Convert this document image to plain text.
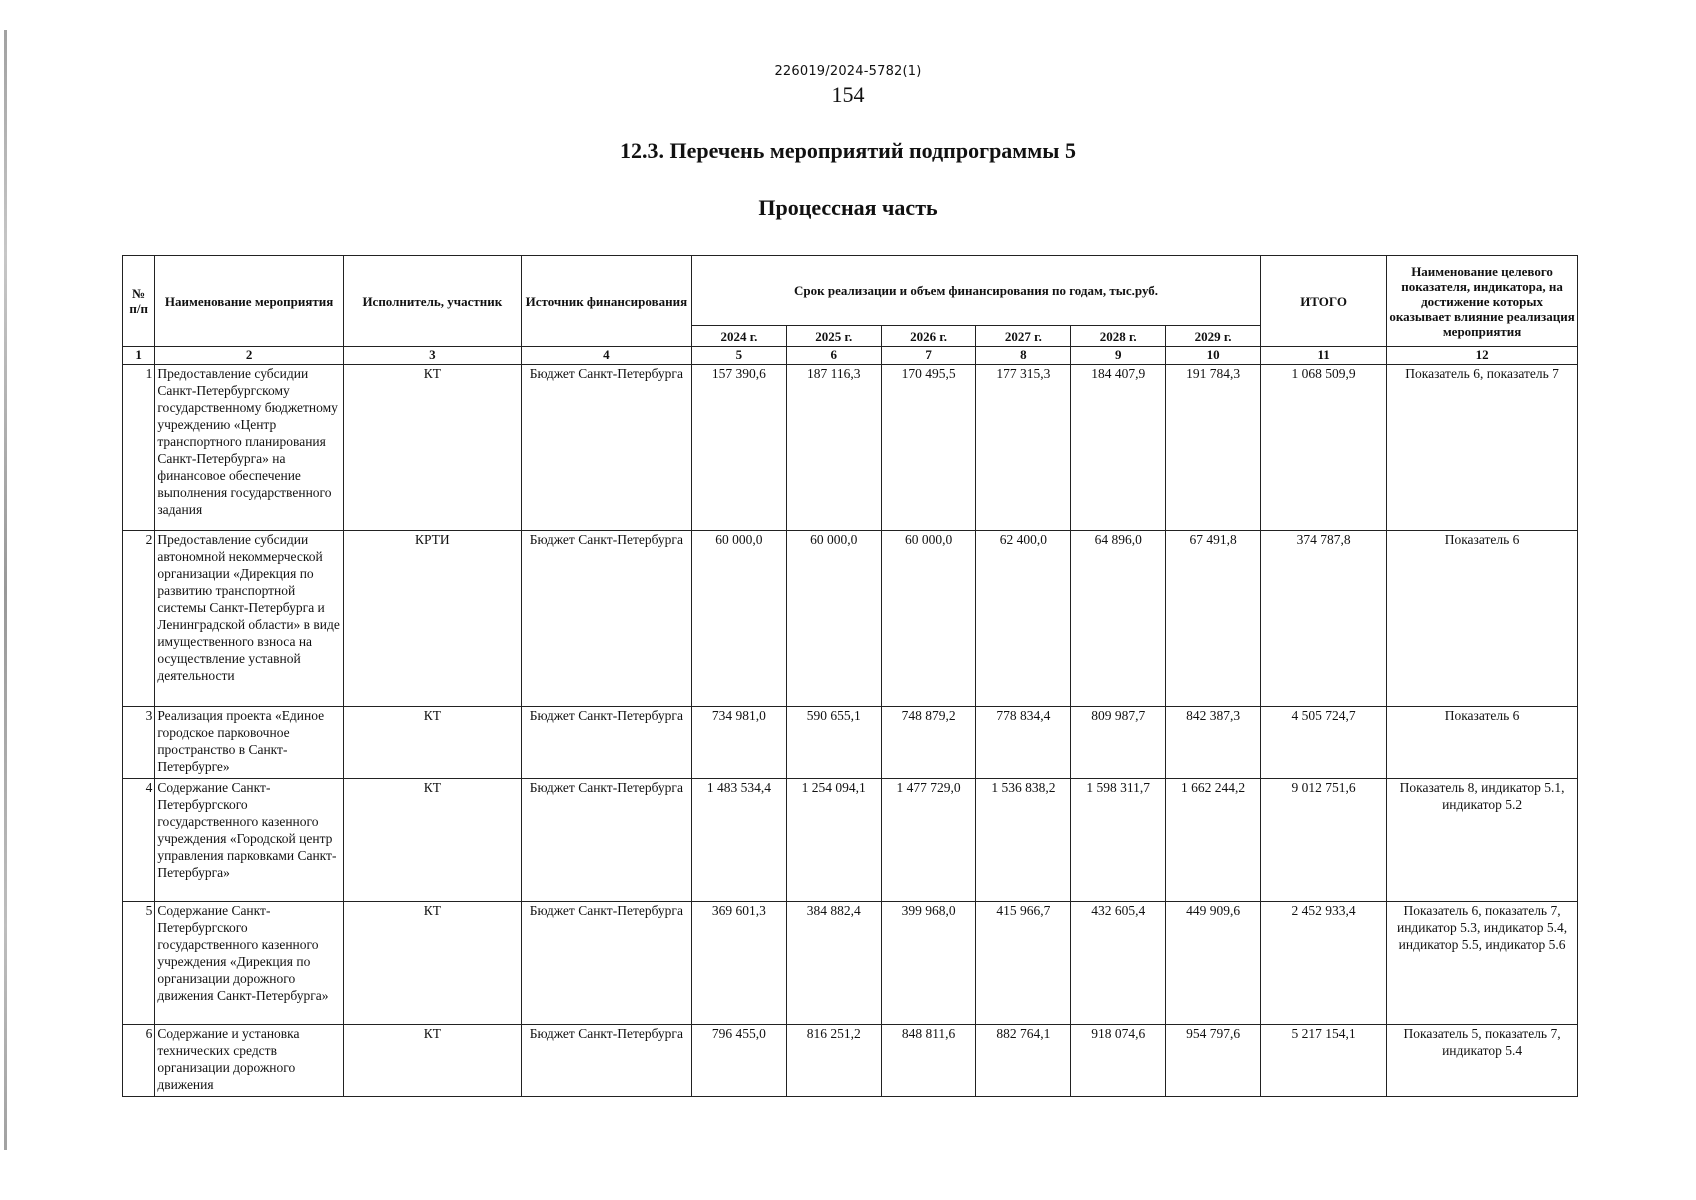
226019/2024-5782(1)
154
12.3. Перечень мероприятий подпрограммы 5
Процессная часть
№ п/п	Наименование мероприятия	Исполнитель, участник	Источник финансирования	Срок реализации и объем финансирования по годам, тыс.руб.						ИТОГО	Наименование целевого показателя, индикатора, на достижение которых оказывает влияние реализация мероприятия
				2024 г.	2025 г.	2026 г.	2027 г.	2028 г.	2029 г.		
1	2	3	4	5	6	7	8	9	10	11	12
1	Предоставление субсидии Санкт-Петербургскому государственному бюджетному учреждению «Центр транспортного планирования Санкт-Петербурга» на финансовое обеспечение выполнения государственного задания	КТ	Бюджет Санкт-Петербурга	157 390,6	187 116,3	170 495,5	177 315,3	184 407,9	191 784,3	1 068 509,9	Показатель 6, показатель 7
2	Предоставление субсидии автономной некоммерческой организации «Дирекция по развитию транспортной системы Санкт-Петербурга и Ленинградской области» в виде имущественного взноса на осуществление уставной деятельности	КРТИ	Бюджет Санкт-Петербурга	60 000,0	60 000,0	60 000,0	62 400,0	64 896,0	67 491,8	374 787,8	Показатель 6
3	Реализация проекта «Единое городское парковочное пространство в Санкт-Петербурге»	КТ	Бюджет Санкт-Петербурга	734 981,0	590 655,1	748 879,2	778 834,4	809 987,7	842 387,3	4 505 724,7	Показатель 6
4	Содержание Санкт-Петербургского государственного казенного учреждения «Городской центр управления парковками Санкт-Петербурга»	КТ	Бюджет Санкт-Петербурга	1 483 534,4	1 254 094,1	1 477 729,0	1 536 838,2	1 598 311,7	1 662 244,2	9 012 751,6	Показатель 8, индикатор 5.1, индикатор 5.2
5	Содержание Санкт-Петербургского государственного казенного учреждения «Дирекция по организации дорожного движения Санкт-Петербурга»	КТ	Бюджет Санкт-Петербурга	369 601,3	384 882,4	399 968,0	415 966,7	432 605,4	449 909,6	2 452 933,4	Показатель 6, показатель 7, индикатор 5.3, индикатор 5.4, индикатор 5.5, индикатор 5.6
6	Содержание и установка технических средств организации дорожного движения	КТ	Бюджет Санкт-Петербурга	796 455,0	816 251,2	848 811,6	882 764,1	918 074,6	954 797,6	5 217 154,1	Показатель 5, показатель 7, индикатор 5.4
